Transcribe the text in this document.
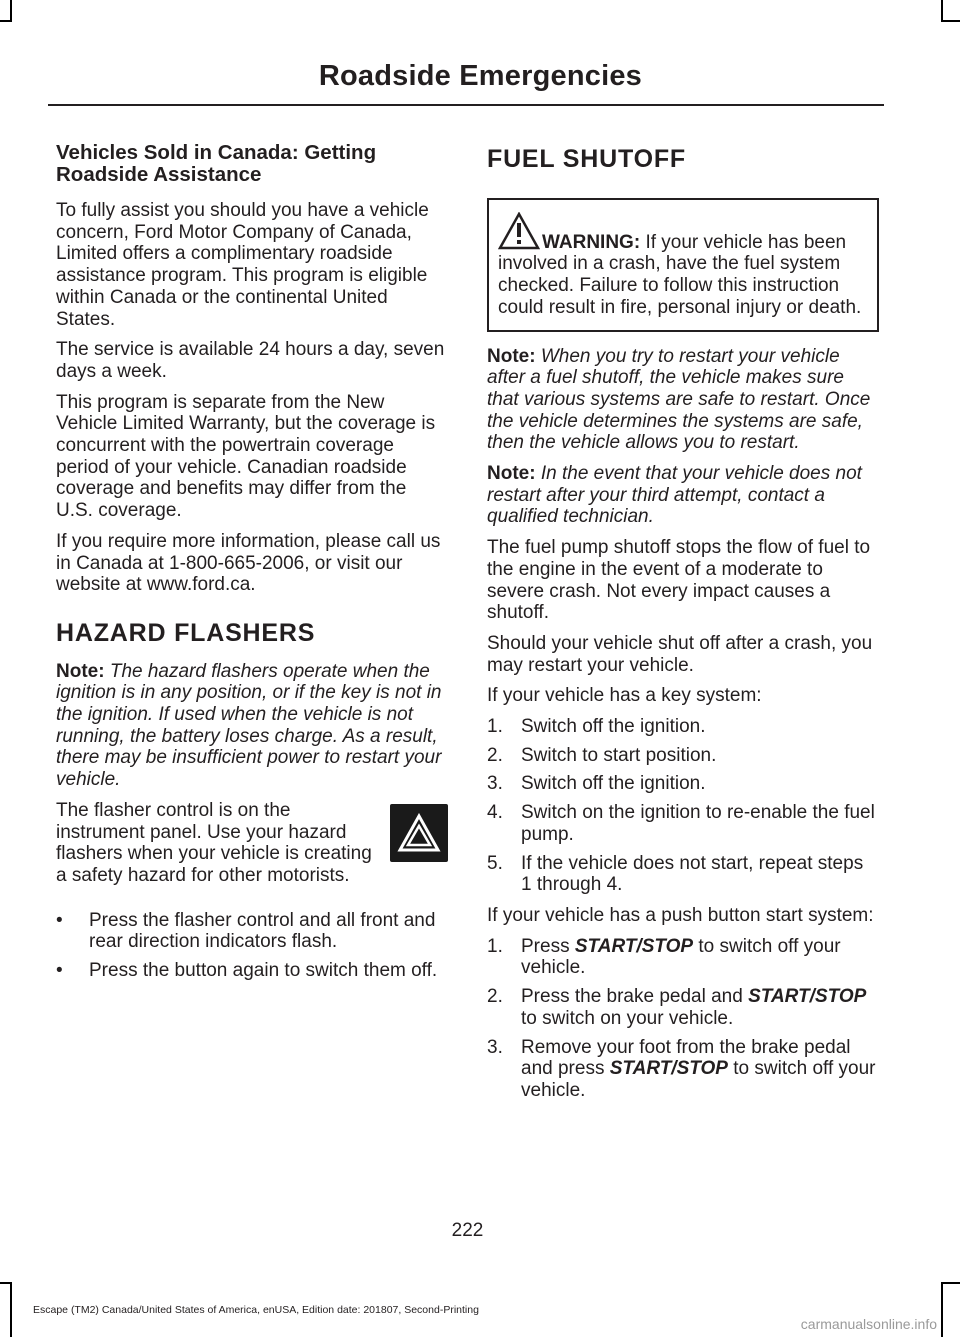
Roadside Emergencies
Vehicles Sold in Canada: Getting Roadside Assistance

To fully assist you should you have a vehicle concern, Ford Motor Company of Canada, Limited offers a complimentary roadside assistance program. This program is eligible within Canada or the continental United States.

The service is available 24 hours a day, seven days a week.

This program is separate from the New Vehicle Limited Warranty, but the coverage is concurrent with the powertrain coverage period of your vehicle. Canadian roadside coverage and benefits may differ from the U.S. coverage.

If you require more information, please call us in Canada at 1-800-665-2006, or visit our website at www.ford.ca.

HAZARD FLASHERS

Note: The hazard flashers operate when the ignition is in any position, or if the key is not in the ignition. If used when the vehicle is not running, the battery loses charge. As a result, there may be insufficient power to restart your vehicle.

The flasher control is on the instrument panel. Use your hazard flashers when your vehicle is creating a safety hazard for other motorists.

• Press the flasher control and all front and rear direction indicators flash.
• Press the button again to switch them off.
FUEL SHUTOFF
WARNING: If your vehicle has been involved in a crash, have the fuel system checked. Failure to follow this instruction could result in fire, personal injury or death.

Note: When you try to restart your vehicle after a fuel shutoff, the vehicle makes sure that various systems are safe to restart. Once the vehicle determines the systems are safe, then the vehicle allows you to restart.

Note: In the event that your vehicle does not restart after your third attempt, contact a qualified technician.

The fuel pump shutoff stops the flow of fuel to the engine in the event of a moderate to severe crash. Not every impact causes a shutoff.

Should your vehicle shut off after a crash, you may restart your vehicle.

If your vehicle has a key system:

1. Switch off the ignition.
2. Switch to start position.
3. Switch off the ignition.
4. Switch on the ignition to re-enable the fuel pump.
5. If the vehicle does not start, repeat steps 1 through 4.

If your vehicle has a push button start system:

1. Press START/STOP to switch off your vehicle.
2. Press the brake pedal and START/STOP to switch on your vehicle.
3. Remove your foot from the brake pedal and press START/STOP to switch off your vehicle.
222
Escape (TM2) Canada/United States of America, enUSA, Edition date: 201807, Second-Printing
carmanualsonline.info
